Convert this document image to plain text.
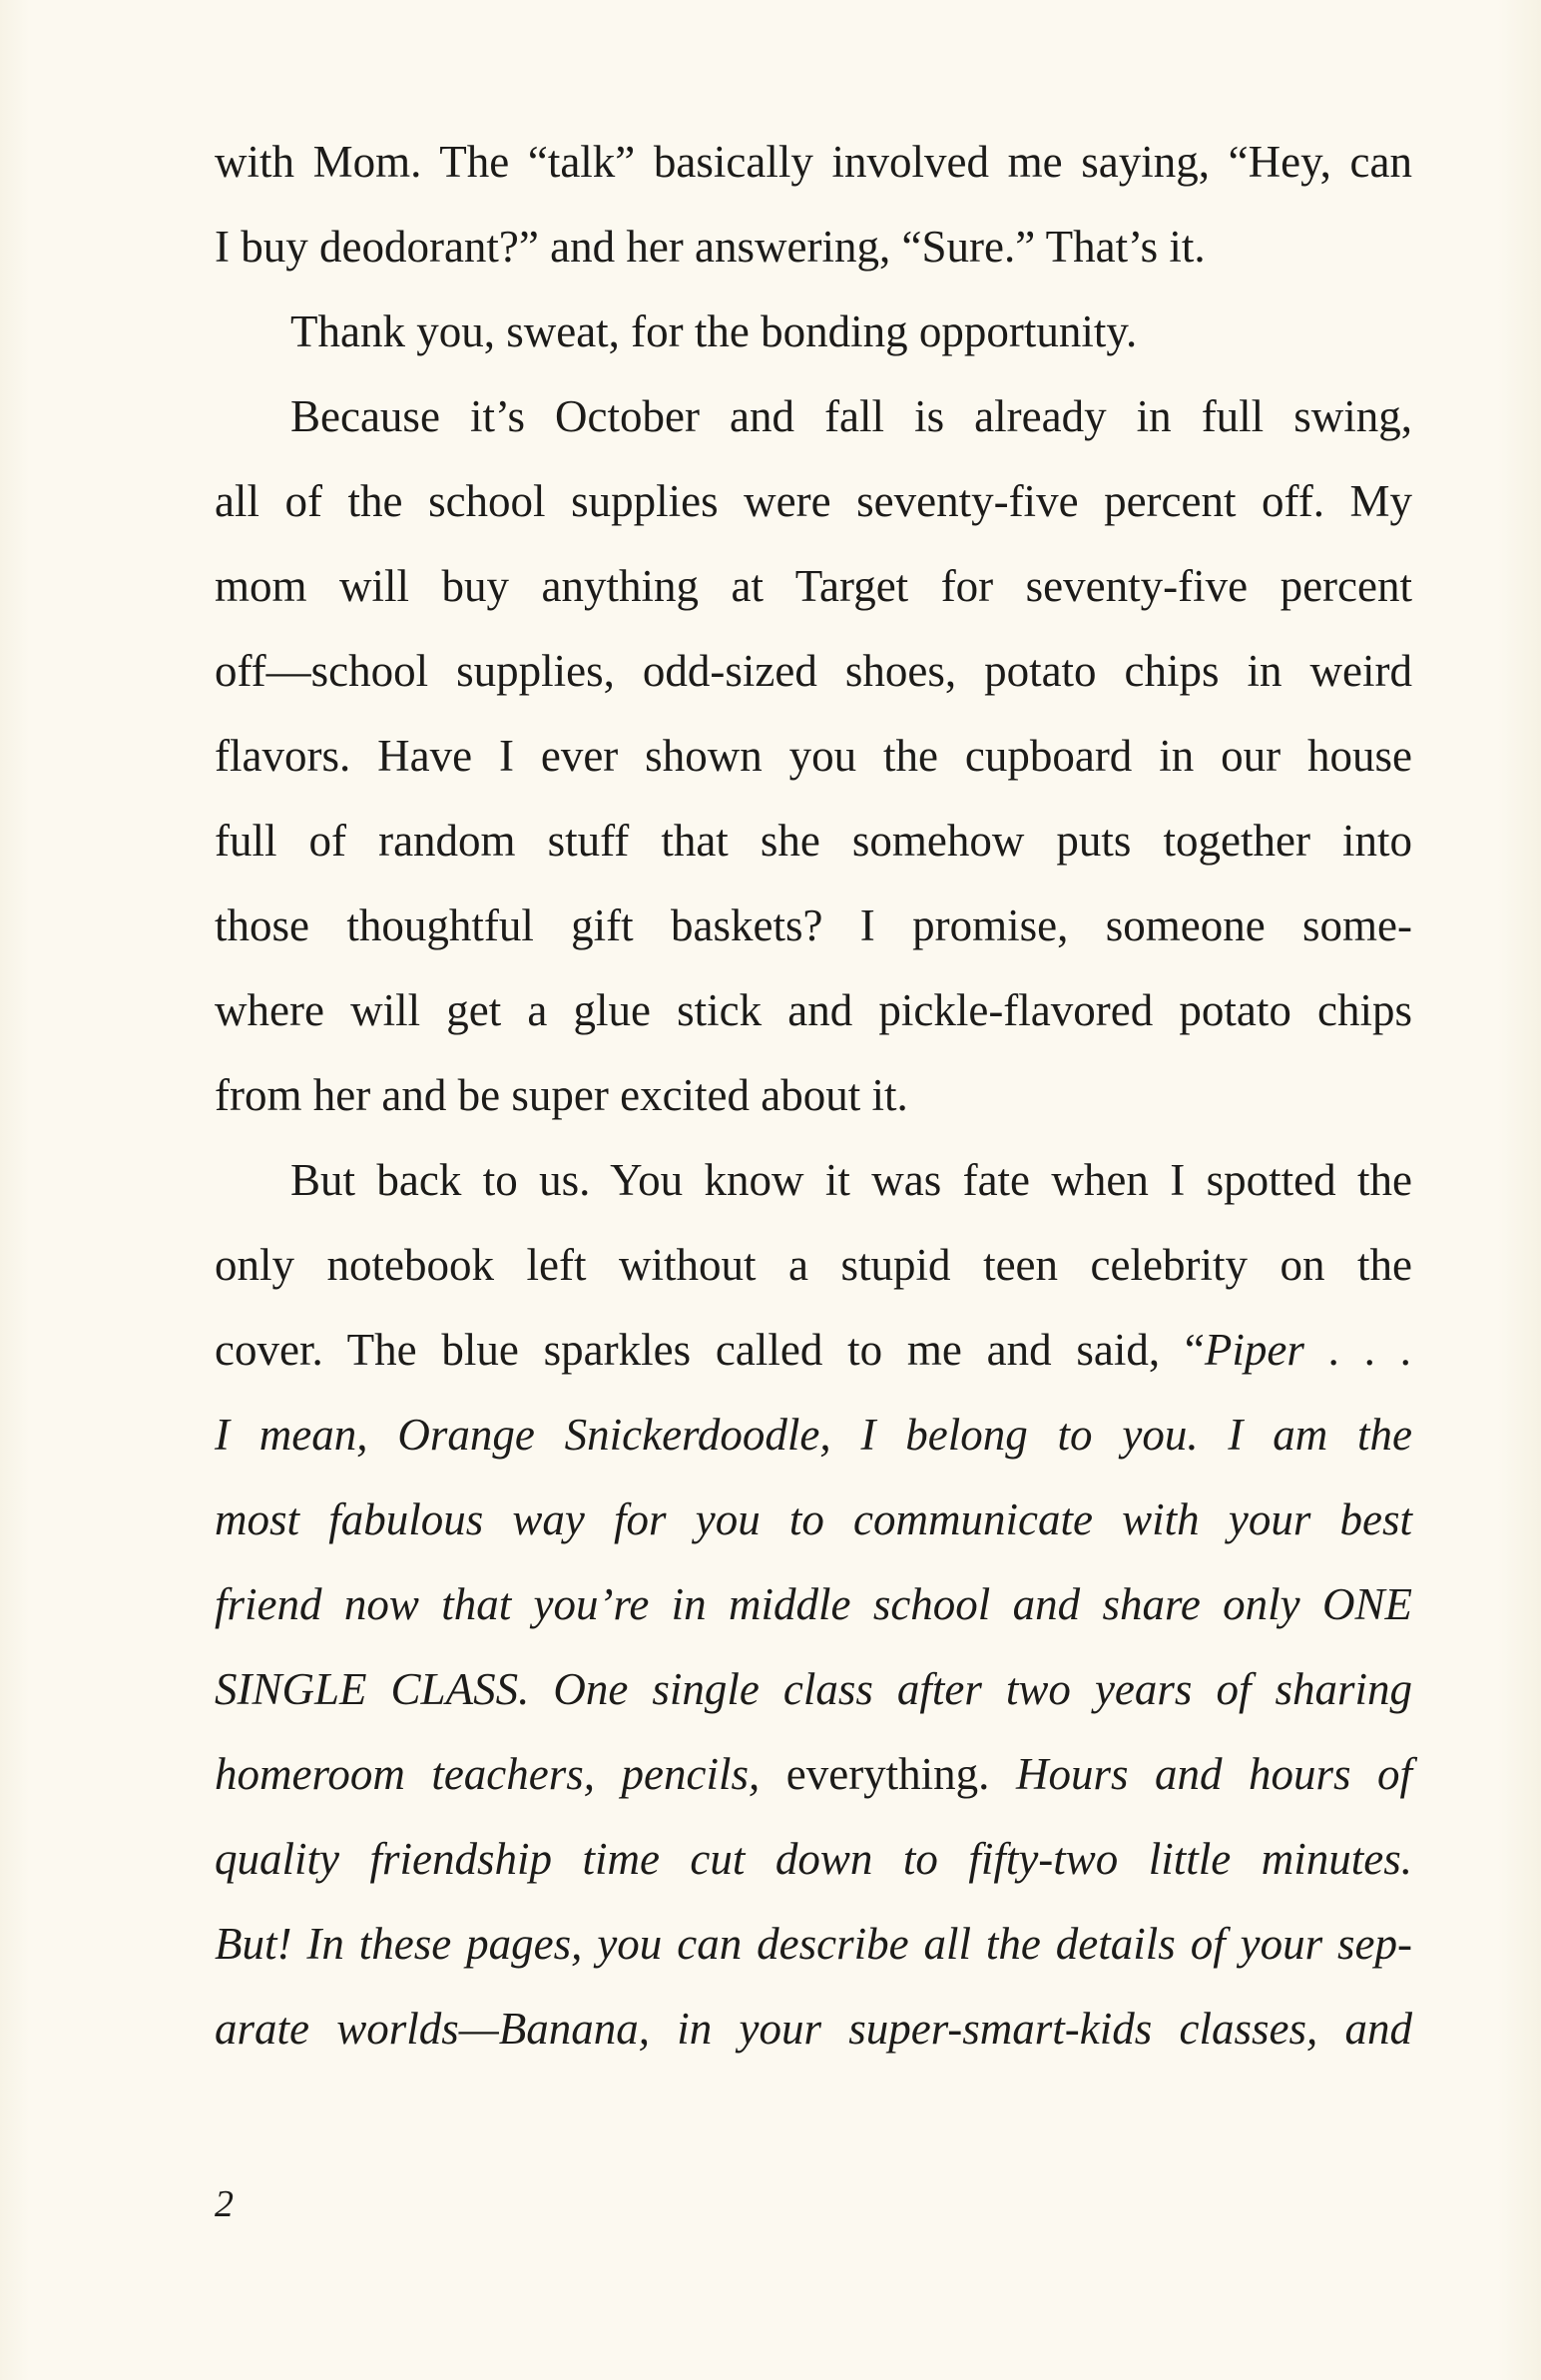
with Mom. The “talk” basically involved me saying, “Hey, can
I buy deodorant?” and her answering, “Sure.” That’s it.
Thank you, sweat, for the bonding opportunity.
Because it’s October and fall is already in full swing,
all of the school supplies were seventy-five percent off. My
mom will buy anything at Target for seventy-five percent
off—school supplies, odd-sized shoes, potato chips in weird
flavors. Have I ever shown you the cupboard in our house
full of random stuff that she somehow puts together into
those thoughtful gift baskets? I promise, someone some-
where will get a glue stick and pickle-flavored potato chips
from her and be super excited about it.
But back to us. You know it was fate when I spotted the
only notebook left without a stupid teen celebrity on the
cover. The blue sparkles called to me and said, “Piper . . .
I mean, Orange Snickerdoodle, I belong to you. I am the
most fabulous way for you to communicate with your best
friend now that you’re in middle school and share only ONE
SINGLE CLASS. One single class after two years of sharing
homeroom teachers, pencils, everything. Hours and hours of
quality friendship time cut down to fifty-two little minutes.
But! In these pages, you can describe all the details of your sep-
arate worlds—Banana, in your super-smart-kids classes, and
2
